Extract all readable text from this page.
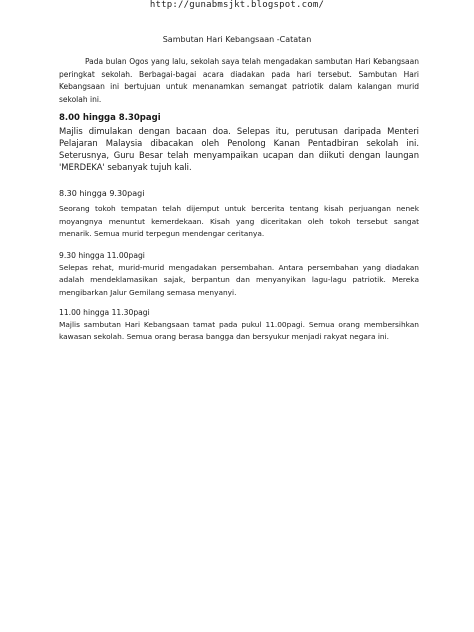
http://gunabmsjkt.blogspot.com/
Sambutan Hari Kebangsaan -Catatan

Pada bulan Ogos yang lalu, sekolah saya telah mengadakan sambutan Hari Kebangsaan peringkat sekolah. Berbagai-bagai acara diadakan pada hari tersebut. Sambutan Hari Kebangsaan ini bertujuan untuk menanamkan semangat patriotik dalam kalangan murid sekolah ini.

8.00 hingga 8.30pagi

Majlis dimulakan dengan bacaan doa. Selepas itu, perutusan daripada Menteri Pelajaran Malaysia dibacakan oleh Penolong Kanan Pentadbiran sekolah ini. Seterusnya, Guru Besar telah menyampaikan ucapan dan diikuti dengan laungan 'MERDEKA' sebanyak tujuh kali.

8.30 hingga 9.30pagi

Seorang tokoh tempatan telah dijemput untuk bercerita tentang kisah perjuangan nenek moyangnya menuntut kemerdekaan. Kisah yang diceritakan oleh tokoh tersebut sangat menarik. Semua murid terpegun mendengar ceritanya.

9.30 hingga 11.00pagi

Selepas rehat, murid-murid mengadakan persembahan. Antara persembahan yang diadakan adalah mendeklamasikan sajak, berpantun dan menyanyikan lagu-lagu patriotik. Mereka mengibarkan Jalur Gemilang semasa menyanyi.

11.00 hingga 11.30pagi

Majlis sambutan Hari Kebangsaan tamat pada pukul 11.00pagi. Semua orang membersihkan kawasan sekolah. Semua orang berasa bangga dan bersyukur menjadi rakyat negara ini.
